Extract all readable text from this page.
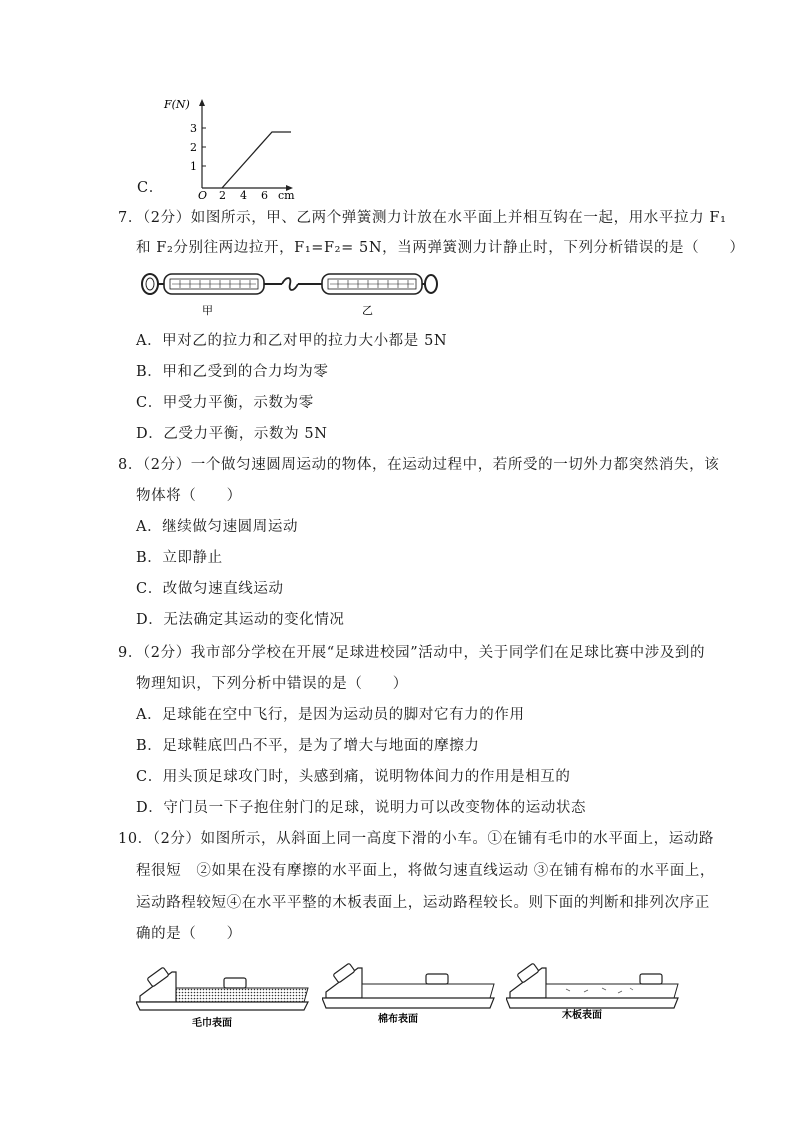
C．
1
2
3
F(N)
O 2 4 6 cm
7．（2分）如图所示，甲、乙两个弹簧测力计放在水平面上并相互钩在一起，用水平拉力 F₁
和 F₂分别往两边拉开，F₁=F₂= 5N，当两弹簧测力计静止时，下列分析错误的是（　　）
甲	乙
A．甲对乙的拉力和乙对甲的拉力大小都是 5N
B．甲和乙受到的合力均为零
C．甲受力平衡，示数为零
D．乙受力平衡，示数为 5N
8．（2分）一个做匀速圆周运动的物体，在运动过程中，若所受的一切外力都突然消失，该
物体将（　　）
A．继续做匀速圆周运动
B．立即静止
C．改做匀速直线运动
D．无法确定其运动的变化情况
9．（2分）我市部分学校在开展“足球进校园”活动中，关于同学们在足球比赛中涉及到的
物理知识，下列分析中错误的是（　　）
A．足球能在空中飞行，是因为运动员的脚对它有力的作用
B．足球鞋底凹凸不平，是为了增大与地面的摩擦力
C．用头顶足球攻门时，头感到痛，说明物体间力的作用是相互的
D．守门员一下子抱住射门的足球，说明力可以改变物体的运动状态
10．（2分）如图所示，从斜面上同一高度下滑的小车。①在铺有毛巾的水平面上，运动路
程很短　②如果在没有摩擦的水平面上，将做匀速直线运动 ③在铺有棉布的水平面上，
运动路程较短④在水平平整的木板表面上，运动路程较长。则下面的判断和排列次序正
确的是（　　）
毛巾表面	棉布表面	木板表面
